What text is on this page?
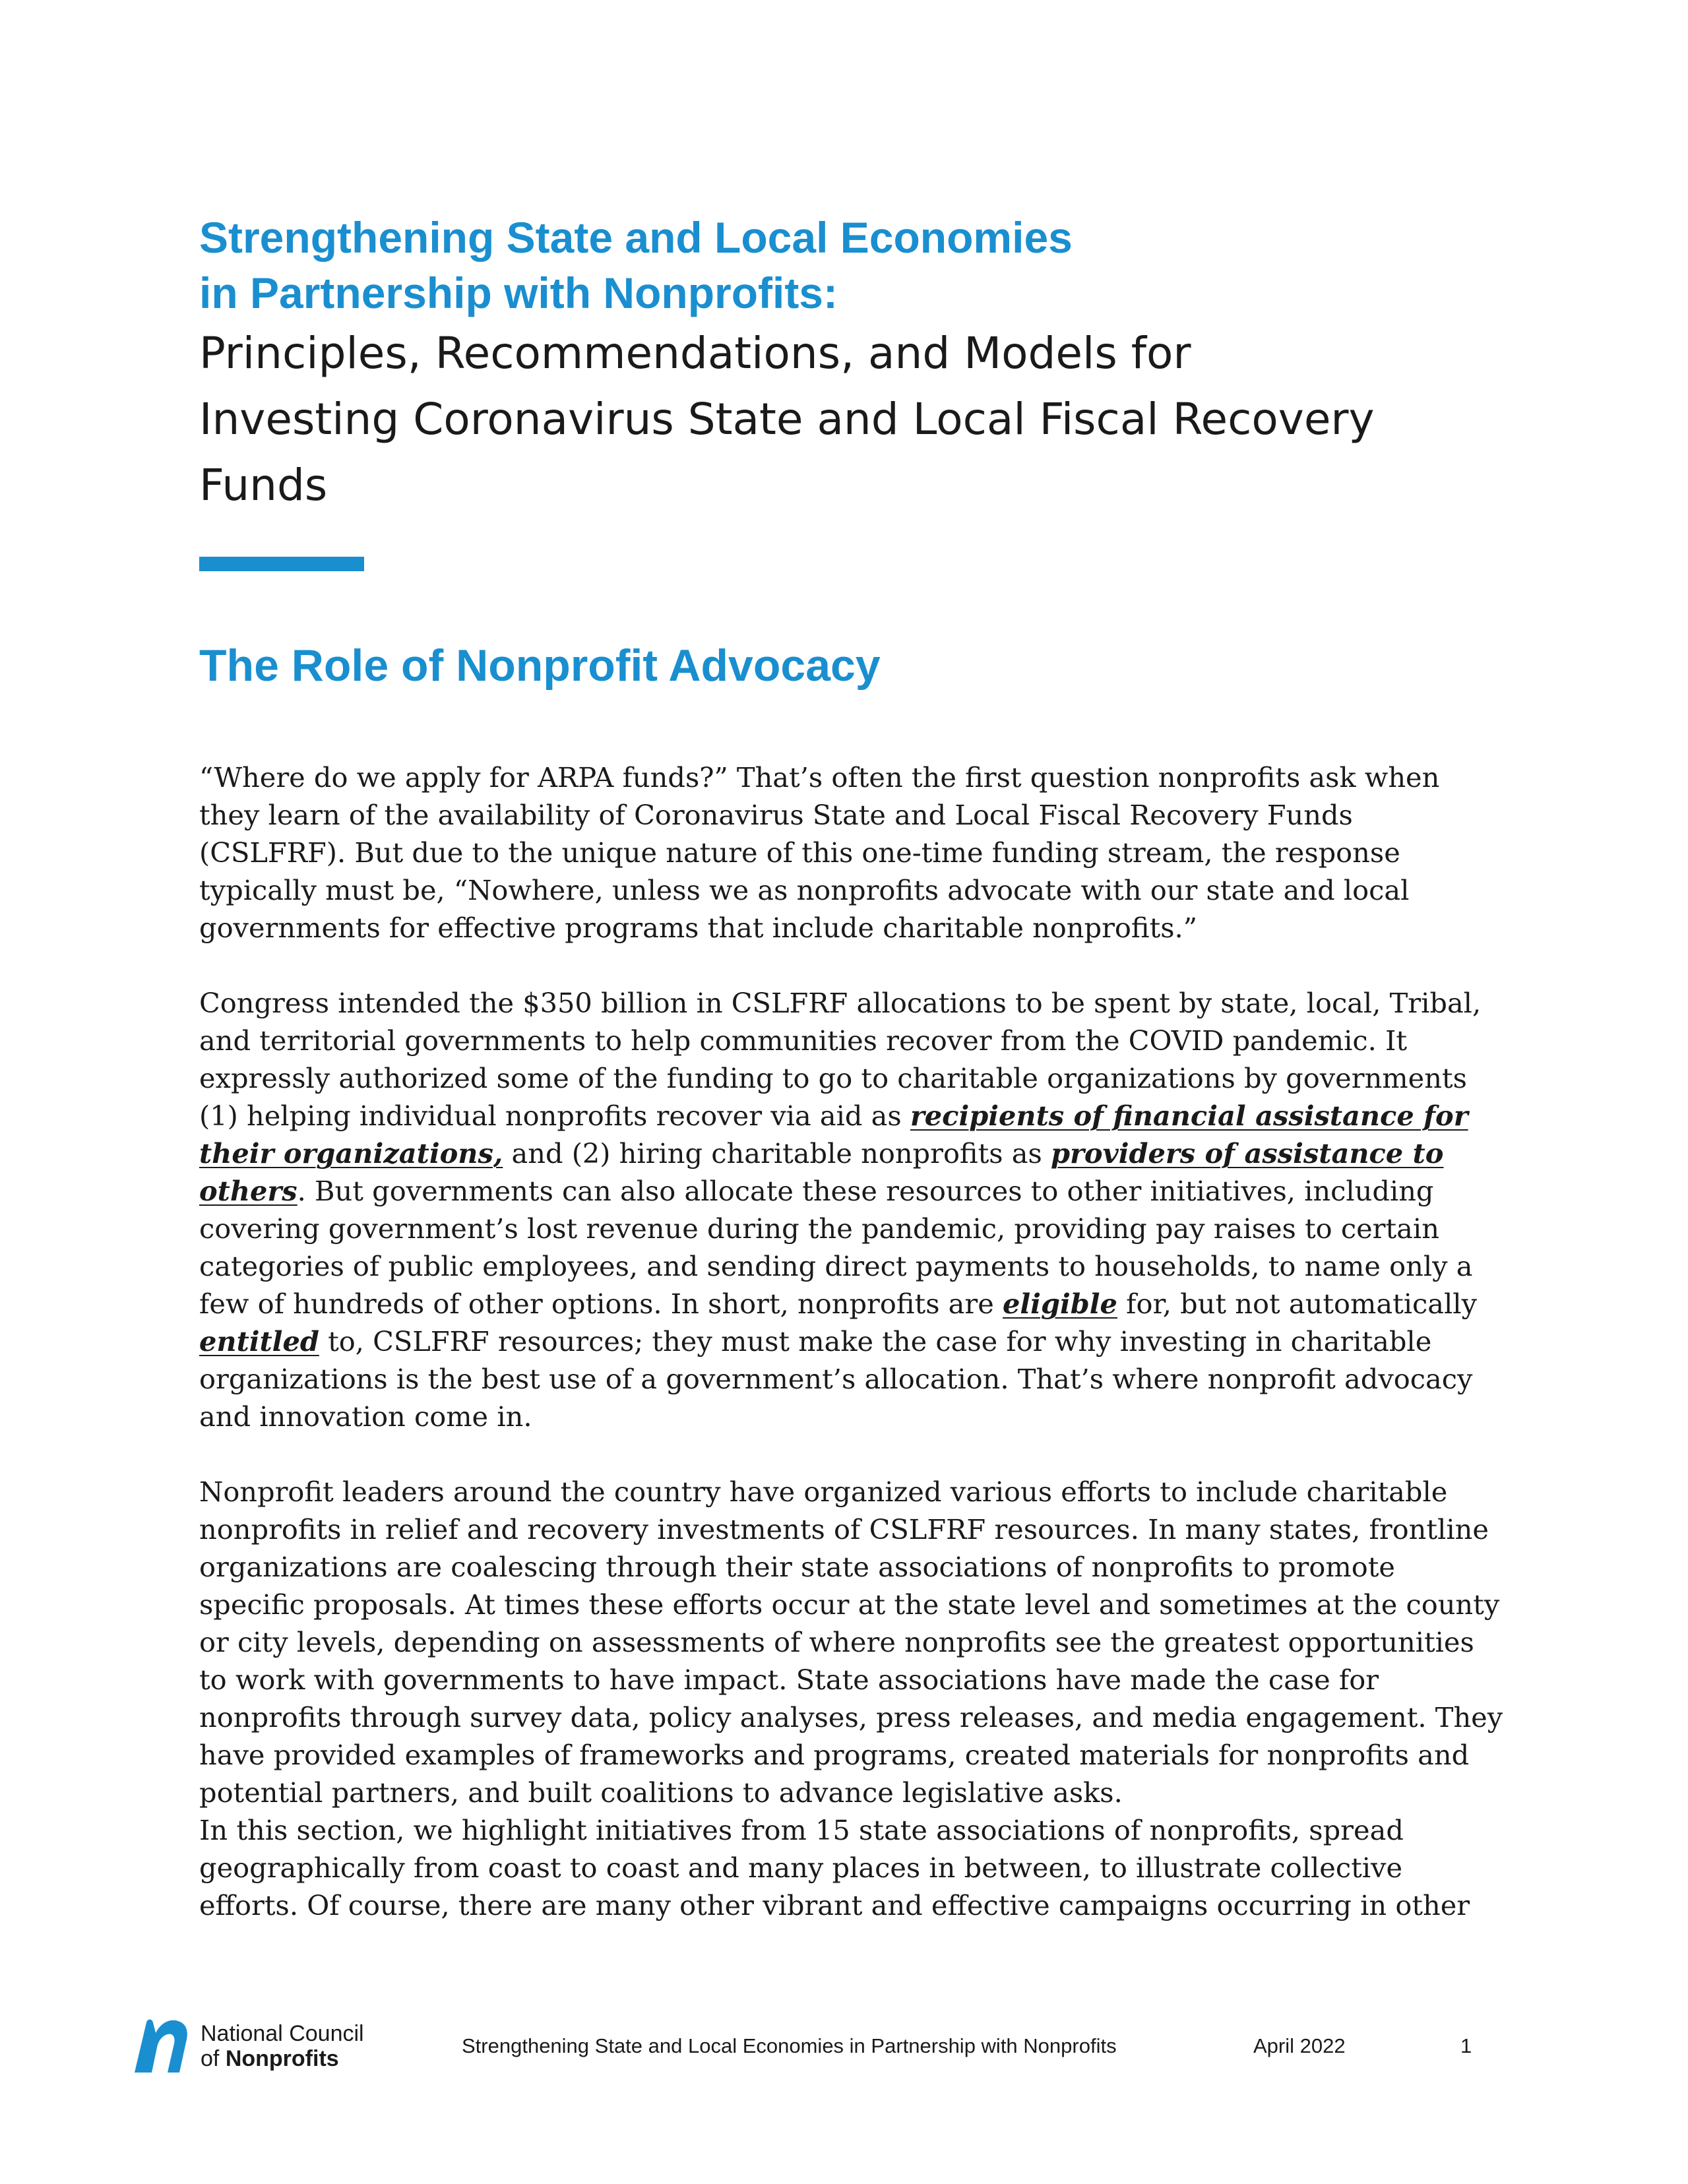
Strengthening State and Local Economies
in Partnership with Nonprofits:
Principles, Recommendations, and Models for
Investing Coronavirus State and Local Fiscal Recovery
Funds
The Role of Nonprofit Advocacy

“Where do we apply for ARPA funds?” That’s often the first question nonprofits ask when they learn of the availability of Coronavirus State and Local Fiscal Recovery Funds (CSLFRF). But due to the unique nature of this one-time funding stream, the response typically must be, “Nowhere, unless we as nonprofits advocate with our state and local governments for effective programs that include charitable nonprofits.”

Congress intended the $350 billion in CSLFRF allocations to be spent by state, local, Tribal, and territorial governments to help communities recover from the COVID pandemic. It expressly authorized some of the funding to go to charitable organizations by governments (1) helping individual nonprofits recover via aid as recipients of financial assistance for their organizations, and (2) hiring charitable nonprofits as providers of assistance to others. But governments can also allocate these resources to other initiatives, including covering government’s lost revenue during the pandemic, providing pay raises to certain categories of public employees, and sending direct payments to households, to name only a few of hundreds of other options. In short, nonprofits are eligible for, but not automatically entitled to, CSLFRF resources; they must make the case for why investing in charitable organizations is the best use of a government’s allocation. That’s where nonprofit advocacy and innovation come in.

Nonprofit leaders around the country have organized various efforts to include charitable nonprofits in relief and recovery investments of CSLFRF resources. In many states, frontline organizations are coalescing through their state associations of nonprofits to promote specific proposals. At times these efforts occur at the state level and sometimes at the county or city levels, depending on assessments of where nonprofits see the greatest opportunities to work with governments to have impact. State associations have made the case for nonprofits through survey data, policy analyses, press releases, and media engagement. They have provided examples of frameworks and programs, created materials for nonprofits and potential partners, and built coalitions to advance legislative asks.

In this section, we highlight initiatives from 15 state associations of nonprofits, spread geographically from coast to coast and many places in between, to illustrate collective efforts. Of course, there are many other vibrant and effective campaigns occurring in other

National Council
of Nonprofits
Strengthening State and Local Economies in Partnership with Nonprofits	April 2022	1
